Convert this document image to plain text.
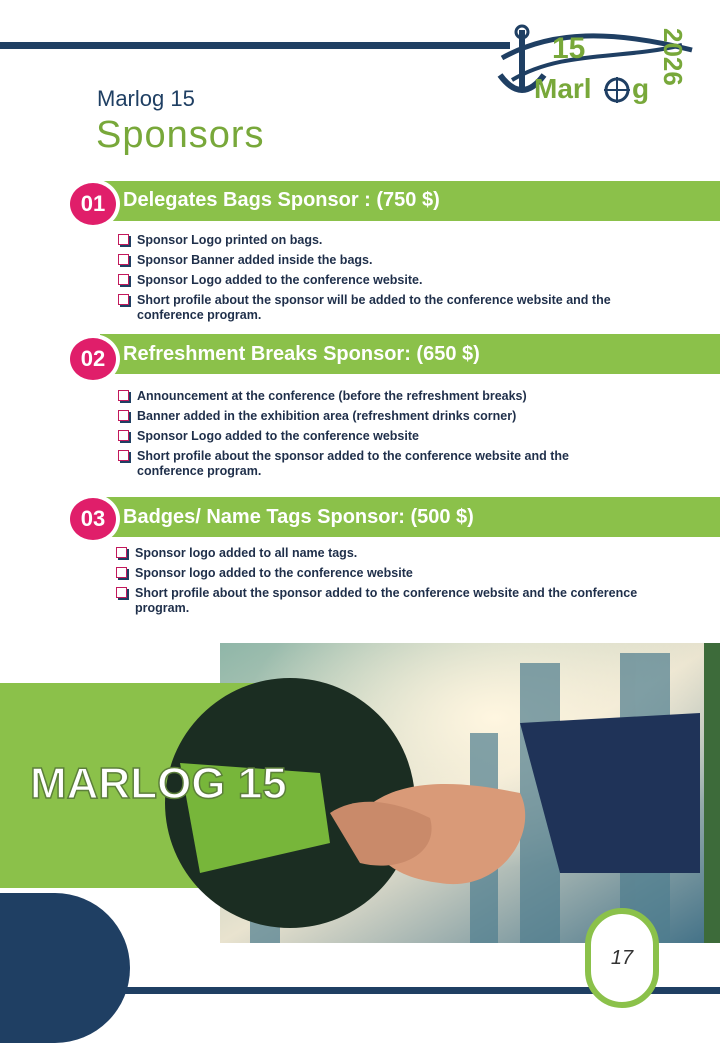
15
Marl g
2026
Marlog 15
Sponsors
01 Delegates Bags Sponsor : (750 $)
Sponsor Logo printed on bags.
Sponsor Banner added inside the bags.
Sponsor Logo added to the conference website.
Short profile about the sponsor will be added to the conference website and the conference program.
02 Refreshment Breaks Sponsor: (650 $)
Announcement at the conference (before the refreshment breaks)
Banner added in the exhibition area (refreshment drinks corner)
Sponsor Logo added to the conference website
Short profile about the sponsor added to the conference website and the conference program.
03 Badges/ Name Tags Sponsor: (500 $)
Sponsor logo added to all name tags.
Sponsor logo added to the conference website
Short profile about the sponsor added to the conference website and the conference program.
MARLOG 15
17
